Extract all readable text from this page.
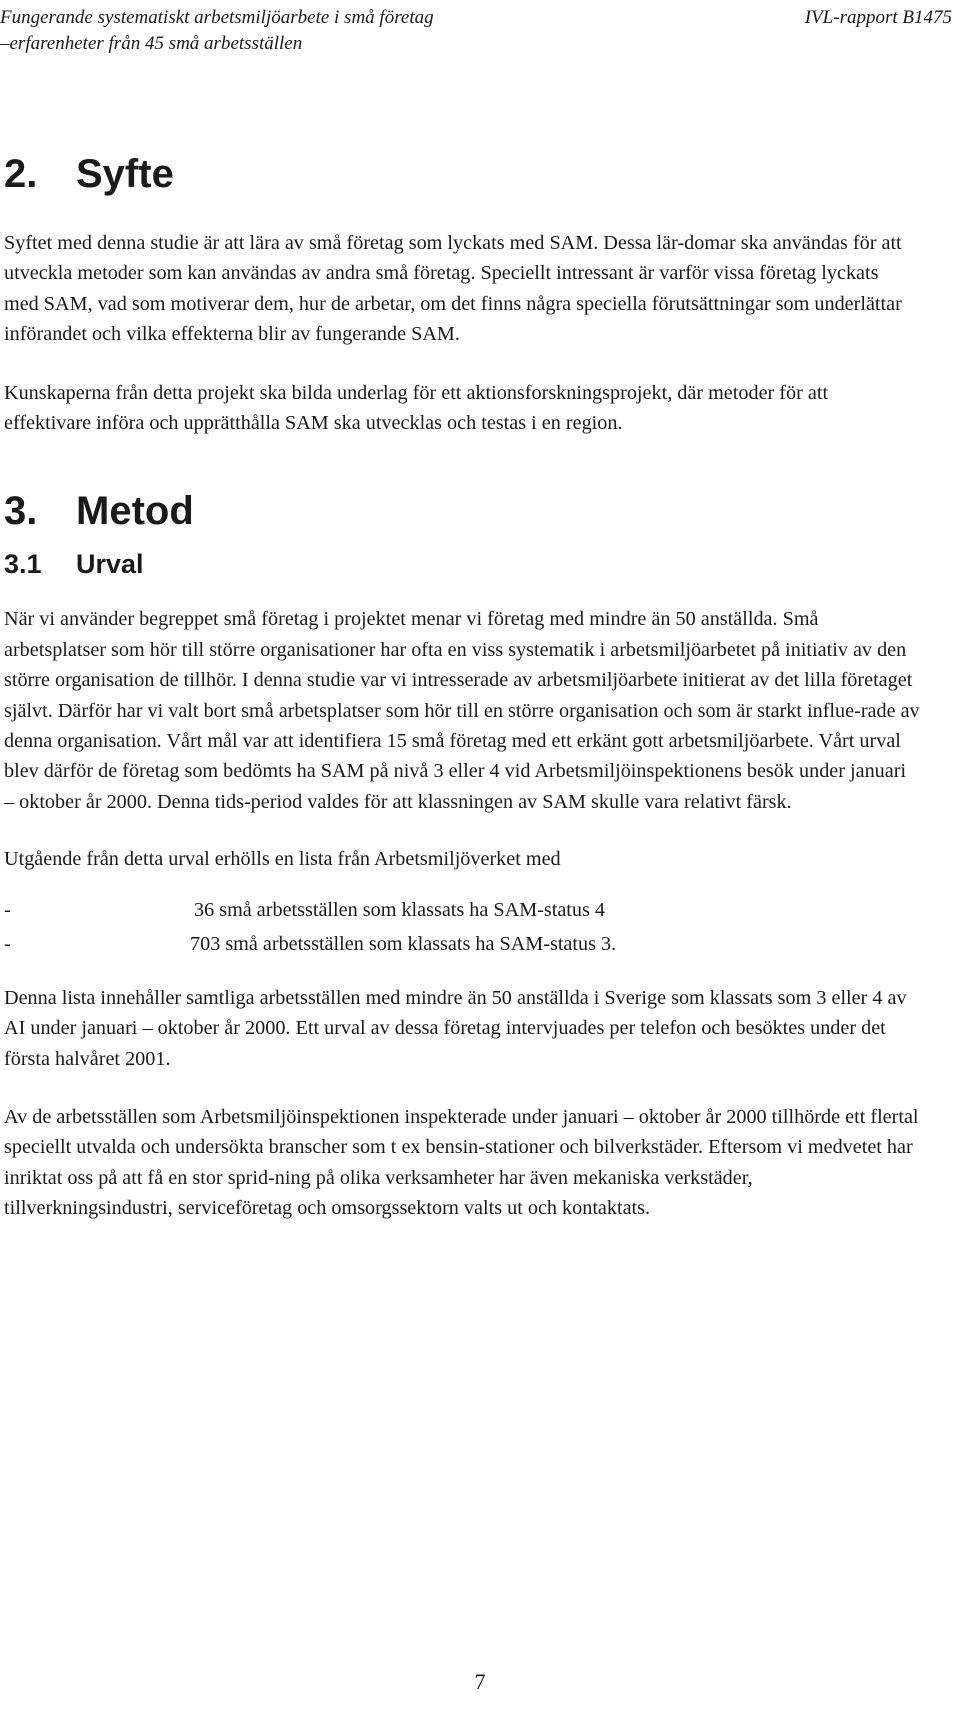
Fungerande systematiskt arbetsmiljöarbete i små företag	IVL-rapport B1475
–erfarenheter från 45 små arbetsställen
2. Syfte

Syftet med denna studie är att lära av små företag som lyckats med SAM. Dessa lär-domar ska användas för att utveckla metoder som kan användas av andra små företag. Speciellt intressant är varför vissa företag lyckats med SAM, vad som motiverar dem, hur de arbetar, om det finns några speciella förutsättningar som underlättar införandet och vilka effekterna blir av fungerande SAM.

Kunskaperna från detta projekt ska bilda underlag för ett aktionsforskningsprojekt, där metoder för att effektivare införa och upprätthålla SAM ska utvecklas och testas i en region.

3. Metod
3.1	Urval

När vi använder begreppet små företag i projektet menar vi företag med mindre än 50 anställda. Små arbetsplatser som hör till större organisationer har ofta en viss systematik i arbetsmiljöarbetet på initiativ av den större organisation de tillhör. I denna studie var vi intresserade av arbetsmiljöarbete initierat av det lilla företaget självt. Därför har vi valt bort små arbetsplatser som hör till en större organisation och som är starkt influe-rade av denna organisation. Vårt mål var att identifiera 15 små företag med ett erkänt gott arbetsmiljöarbete. Vårt urval blev därför de företag som bedömts ha SAM på nivå 3 eller 4 vid Arbetsmiljöinspektionens besök under januari – oktober år 2000. Denna tids-period valdes för att klassningen av SAM skulle vara relativt färsk.

Utgående från detta urval erhölls en lista från Arbetsmiljöverket med

-	36 små arbetsställen som klassats ha SAM-status 4
-	703 små arbetsställen som klassats ha SAM-status 3.

Denna lista innehåller samtliga arbetsställen med mindre än 50 anställda i Sverige som klassats som 3 eller 4 av AI under januari – oktober år 2000. Ett urval av dessa företag intervjuades per telefon och besöktes under det första halvåret 2001.

Av de arbetsställen som Arbetsmiljöinspektionen inspekterade under januari – oktober år 2000 tillhörde ett flertal speciellt utvalda och undersökta branscher som t ex bensin-stationer och bilverkstäder. Eftersom vi medvetet har inriktat oss på att få en stor sprid-ning på olika verksamheter har även mekaniska verkstäder, tillverkningsindustri, serviceföretag och omsorgssektorn valts ut och kontaktats.

7
